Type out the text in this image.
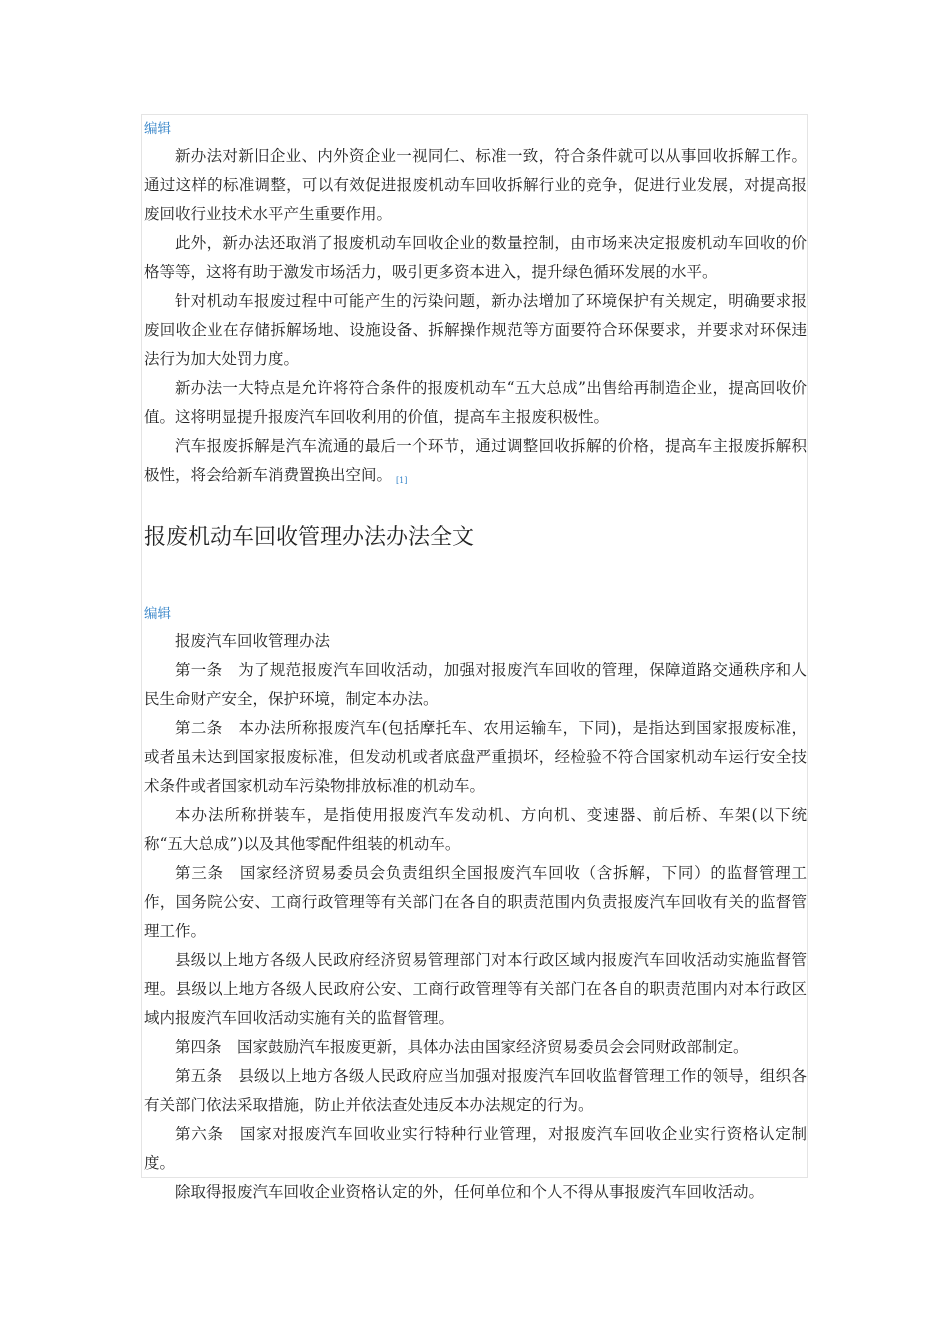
编辑

新办法对新旧企业、内外资企业一视同仁、标准一致，符合条件就可以从事回收拆解工作。通过这样的标准调整，可以有效促进报废机动车回收拆解行业的竞争，促进行业发展，对提高报废回收行业技术水平产生重要作用。

此外，新办法还取消了报废机动车回收企业的数量控制，由市场来决定报废机动车回收的价格等等，这将有助于激发市场活力，吸引更多资本进入，提升绿色循环发展的水平。

针对机动车报废过程中可能产生的污染问题，新办法增加了环境保护有关规定，明确要求报废回收企业在存储拆解场地、设施设备、拆解操作规范等方面要符合环保要求，并要求对环保违法行为加大处罚力度。

新办法一大特点是允许将符合条件的报废机动车“五大总成”出售给再制造企业，提高回收价值。这将明显提升报废汽车回收利用的价值，提高车主报废积极性。

汽车报废拆解是汽车流通的最后一个环节，通过调整回收拆解的价格，提高车主报废拆解积极性，将会给新车消费置换出空间。 [1]

报废机动车回收管理办法办法全文
编辑

报废汽车回收管理办法

第一条　为了规范报废汽车回收活动，加强对报废汽车回收的管理，保障道路交通秩序和人民生命财产安全，保护环境，制定本办法。

第二条　本办法所称报废汽车(包括摩托车、农用运输车，下同)，是指达到国家报废标准，或者虽未达到国家报废标准，但发动机或者底盘严重损坏，经检验不符合国家机动车运行安全技术条件或者国家机动车污染物排放标准的机动车。

本办法所称拼装车，是指使用报废汽车发动机、方向机、变速器、前后桥、车架(以下统称“五大总成”)以及其他零配件组装的机动车。

第三条　国家经济贸易委员会负责组织全国报废汽车回收（含拆解，下同）的监督管理工作，国务院公安、工商行政管理等有关部门在各自的职责范围内负责报废汽车回收有关的监督管理工作。

县级以上地方各级人民政府经济贸易管理部门对本行政区域内报废汽车回收活动实施监督管理。县级以上地方各级人民政府公安、工商行政管理等有关部门在各自的职责范围内对本行政区域内报废汽车回收活动实施有关的监督管理。

第四条　国家鼓励汽车报废更新，具体办法由国家经济贸易委员会会同财政部制定。

第五条　县级以上地方各级人民政府应当加强对报废汽车回收监督管理工作的领导，组织各有关部门依法采取措施，防止并依法查处违反本办法规定的行为。

第六条　国家对报废汽车回收业实行特种行业管理，对报废汽车回收企业实行资格认定制度。

除取得报废汽车回收企业资格认定的外，任何单位和个人不得从事报废汽车回收活动。
